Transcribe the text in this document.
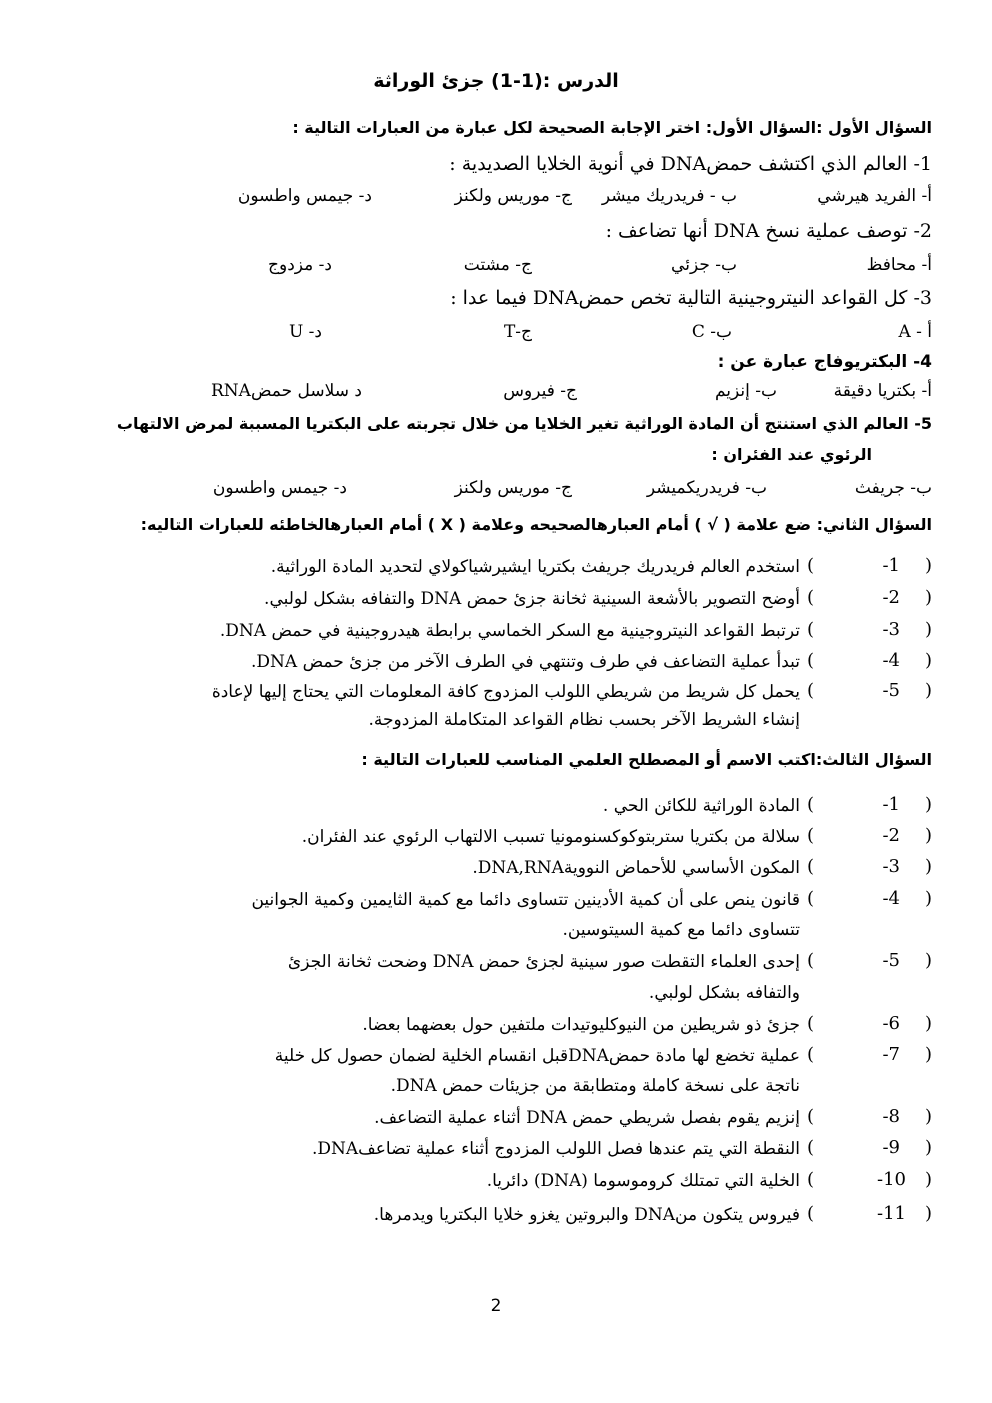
الدرس :(1-1) جزئ الوراثة
السؤال الأول :السؤال الأول: اختر الإجابة الصحيحة لكل عبارة من العبارات التالية :
1- العالم الذي اكتشف حمضDNA في أنوية الخلايا الصديدية :
أ- الفريد هيرشي
ب - فريدريك ميشر
ج- موريس ولكنز
د- جيمس واطسون
2- توصف عملية نسخ DNA أنها تضاعف :
أ- محافظ
ب- جزئي
ج- مشتت
د- مزدوج
3- كل القواعد النيتروجينية التالية تخص حمضDNA فيما عدا :
أ - A
ب- C
ج-T
د- U
4- البكتريوفاج عبارة عن :
أ- بكتريا دقيقة
ب- إنزيم
ج- فيروس
د سلاسل حمضRNA
5- العالم الذي استنتج أن المادة الوراثية تغير الخلايا من خلال تجربته على البكتريا المسببة لمرض الالتهاب
الرئوي عند الفئران :
ب- جريفث
ب- فريدريكميشر
ج- موريس ولكنز
د- جيمس واطسون
السؤال الثاني: ضع علامة ( √ ) أمام العبارهالصحيحه وعلامة ( X ) أمام العبارهالخاطئه للعبارات التاليه:
(
1-
)
استخدم العالم فريدريك جريفث بكتريا ايشيرشياكولاي لتحديد المادة الوراثية.
(
2-
)
أوضح التصوير بالأشعة السينية ثخانة جزئ حمض DNA والتفافه بشكل لولبي.
(
3-
)
ترتبط القواعد النيتروجينية مع السكر الخماسي برابطة هيدروجينية في حمض DNA.
(
4-
)
تبدأ عملية التضاعف في طرف وتنتهي في الطرف الآخر من جزئ حمض DNA.
(
5-
)
يحمل كل شريط من شريطي اللولب المزدوج كافة المعلومات التي يحتاج إليها لإعادة
إنشاء الشريط الآخر بحسب نظام القواعد المتكاملة المزدوجة.
السؤال الثالث:اكتب الاسم أو المصطلح العلمي المناسب للعبارات التالية :
(
1-
)
المادة الوراثية للكائن الحي .
(
2-
)
سلالة من بكتريا ستربتوكوكسنومونيا تسبب الالتهاب الرئوي عند الفئران.
(
3-
)
المكون الأساسي للأحماض النوويةDNA,RNA.
(
4-
)
قانون ينص على أن كمية الأدينين تتساوى دائما مع كمية الثايمين وكمية الجوانين
تتساوى دائما مع كمية السيتوسين.
(
5-
)
إحدى العلماء التقطت صور سينية لجزئ حمض DNA وضحت ثخانة الجزئ
والتفافه بشكل لولبي.
(
6-
)
جزئ ذو شريطين من النيوكليوتيدات ملتفين حول بعضهما بعضا.
(
7-
)
عملية تخضع لها مادة حمضDNAقبل انقسام الخلية لضمان حصول كل خلية
ناتجة على نسخة كاملة ومتطابقة من جزيئات حمض DNA.
(
8-
)
إنزيم يقوم بفصل شريطي حمض DNA أثناء عملية التضاعف.
(
9-
)
النقطة التي يتم عندها فصل اللولب المزدوج أثناء عملية تضاعفDNA.
(
10-
)
الخلية التي تمتلك كروموسوما (DNA) دائريا.
(
11-
)
فيروس يتكون منDNA والبروتين يغزو خلايا البكتريا ويدمرها.
2
